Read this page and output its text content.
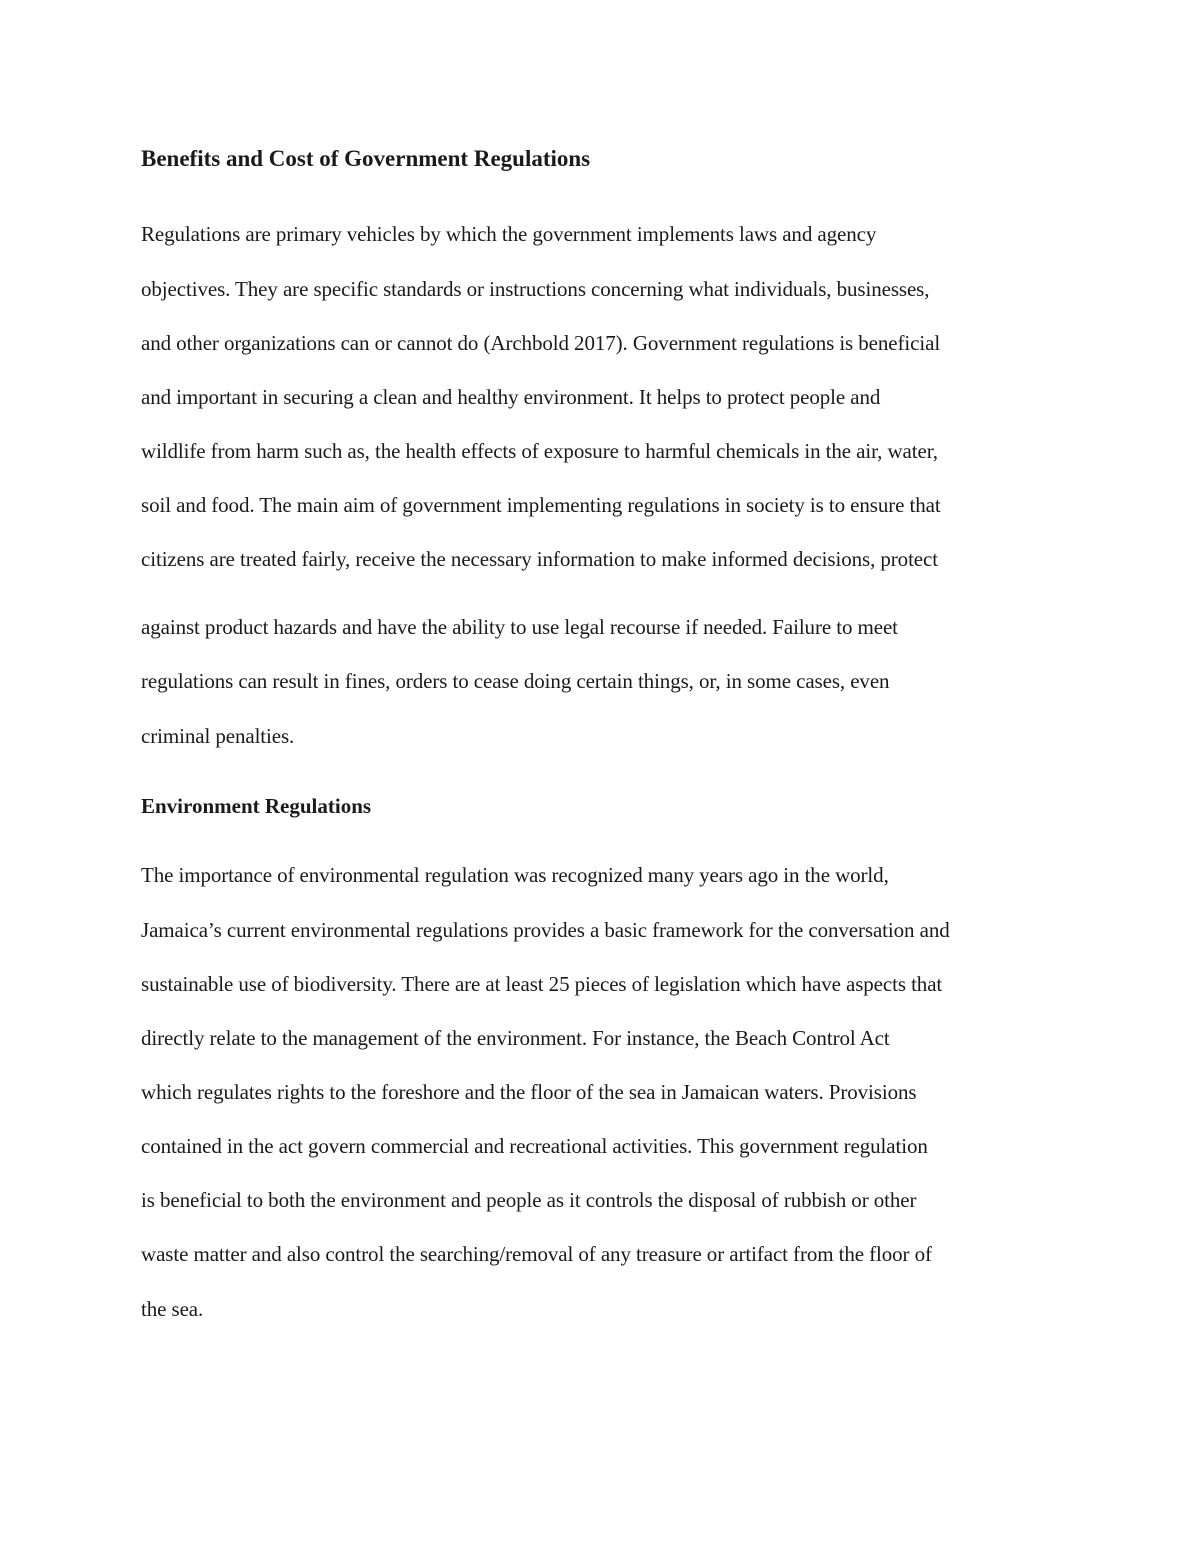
Benefits and Cost of Government Regulations
Regulations are primary vehicles by which the government implements laws and agency
objectives. They are specific standards or instructions concerning what individuals, businesses,
and other organizations can or cannot do (Archbold 2017). Government regulations is beneficial
and important in securing a clean and healthy environment. It helps to protect people and
wildlife from harm such as, the health effects of exposure to harmful chemicals in the air, water,
soil and food. The main aim of government implementing regulations in society is to ensure that
citizens are treated fairly, receive the necessary information to make informed decisions, protect
against product hazards and have the ability to use legal recourse if needed. Failure to meet
regulations can result in fines, orders to cease doing certain things, or, in some cases, even
criminal penalties.
Environment Regulations
The importance of environmental regulation was recognized many years ago in the world,
Jamaica’s current environmental regulations provides a basic framework for the conversation and
sustainable use of biodiversity. There are at least 25 pieces of legislation which have aspects that
directly relate to the management of the environment. For instance, the Beach Control Act
which regulates rights to the foreshore and the floor of the sea in Jamaican waters. Provisions
contained in the act govern commercial and recreational activities. This government regulation
is beneficial to both the environment and people as it controls the disposal of rubbish or other
waste matter and also control the searching/removal of any treasure or artifact from the floor of
the sea.
